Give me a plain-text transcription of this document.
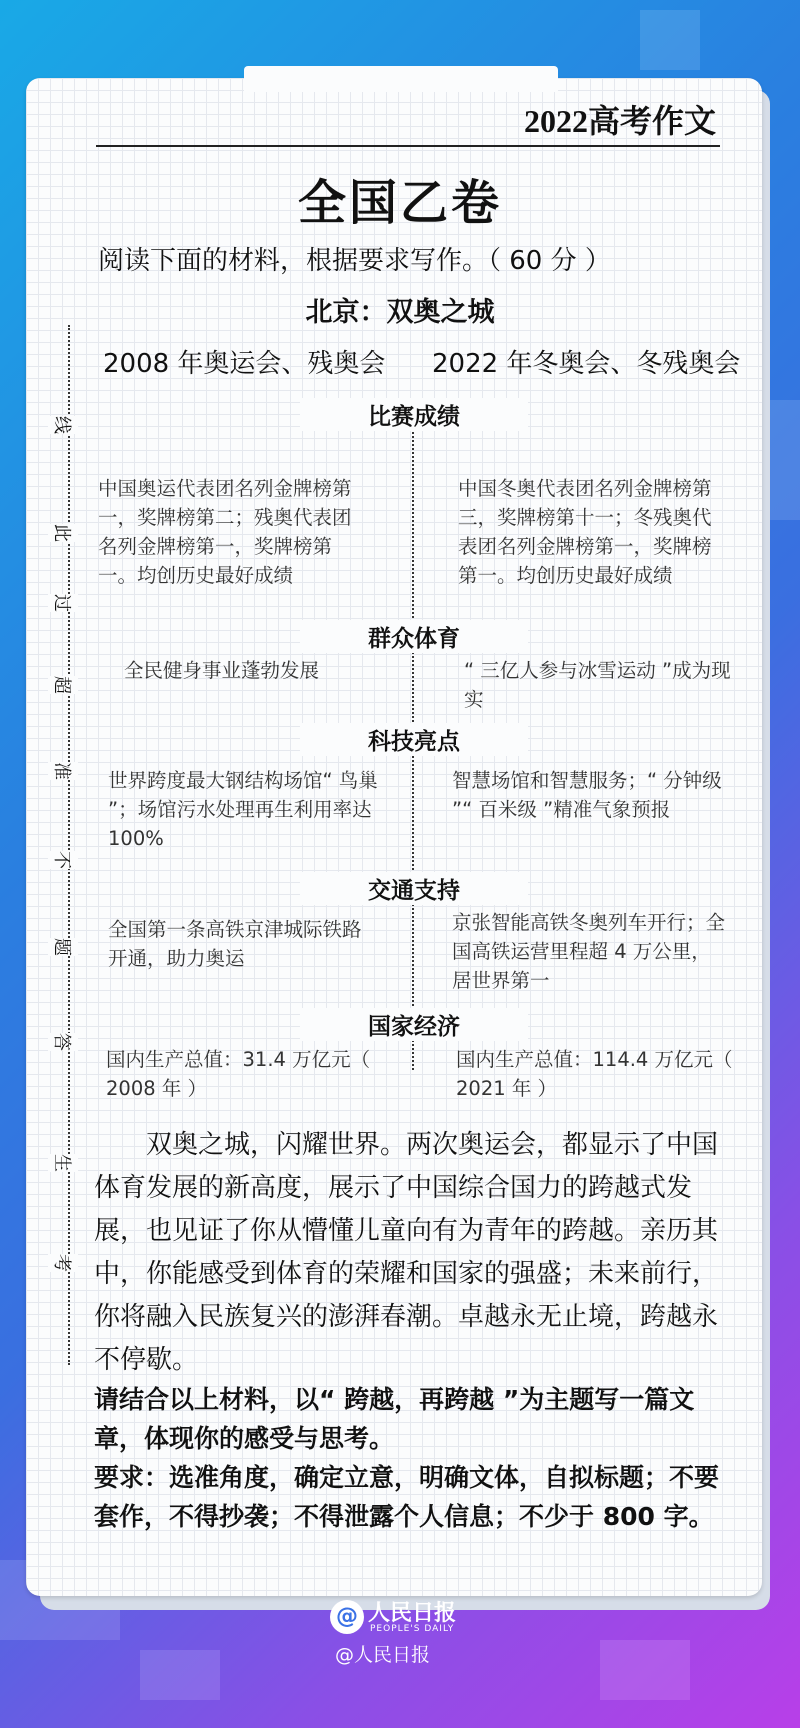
2022高考作文
全国乙卷
阅读下面的材料，根据要求写作。（ 60 分 ）
北京：双奥之城
2008 年奥运会、残奥会 2022 年冬奥会、冬残奥会
线
此
过
超
准
不
题
答
生
考
比赛成绩
中国奥运代表团名列金牌榜第一，奖牌榜第二；残奥代表团名列金牌榜第一，奖牌榜第一。均创历史最好成绩
中国冬奥代表团名列金牌榜第三，奖牌榜第十一；冬残奥代表团名列金牌榜第一，奖牌榜第一。均创历史最好成绩
群众体育
全民健身事业蓬勃发展	“ 三亿人参与冰雪运动 ”成为现实
科技亮点
世界跨度最大钢结构场馆“ 鸟巢 ”；场馆污水处理再生利用率达 100%
智慧场馆和智慧服务；“ 分钟级 ”“ 百米级 ”精准气象预报
交通支持
全国第一条高铁京津城际铁路开通，助力奥运
京张智能高铁冬奥列车开行；全国高铁运营里程超 4 万公里，居世界第一
国家经济
国内生产总值：31.4 万亿元（ 2008 年 ）
国内生产总值：114.4 万亿元（ 2021 年 ）
双奥之城，闪耀世界。两次奥运会，都显示了中国体育发展的新高度，展示了中国综合国力的跨越式发展，也见证了你从懵懂儿童向有为青年的跨越。亲历其中，你能感受到体育的荣耀和国家的强盛；未来前行，你将融入民族复兴的澎湃春潮。卓越永无止境，跨越永不停歇。
请结合以上材料，以“ 跨越，再跨越 ”为主题写一篇文章，体现你的感受与思考。
要求：选准角度，确定立意，明确文体，自拟标题；不要套作，不得抄袭；不得泄露个人信息；不少于 800 字。
@ 人民日报
PEOPLE'S DAILY
@人民日报
